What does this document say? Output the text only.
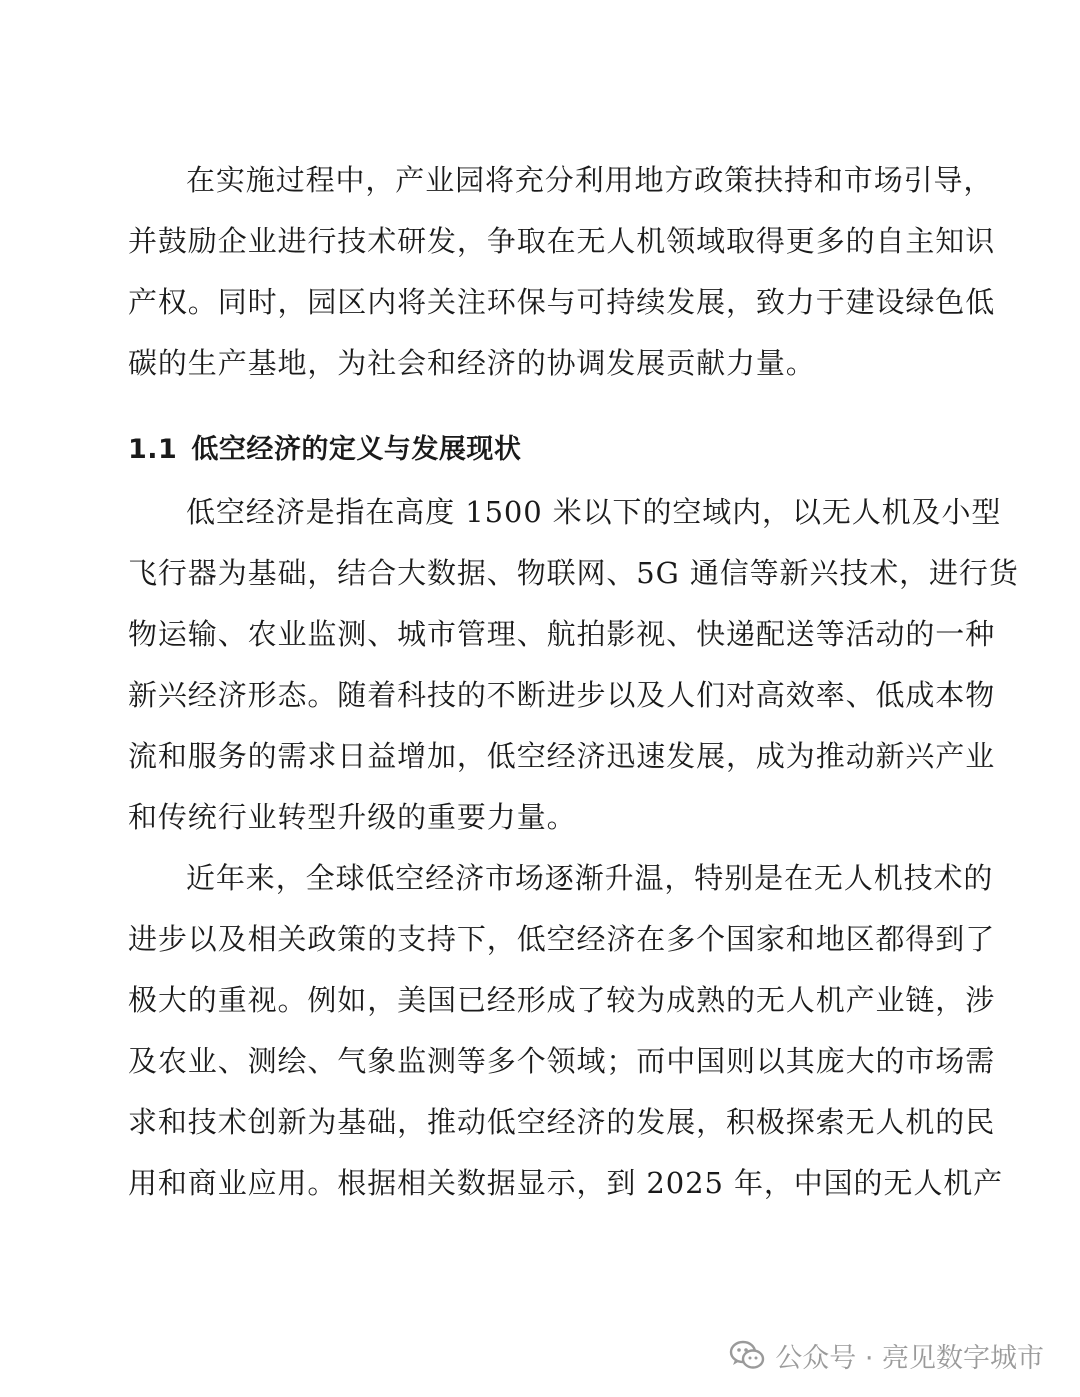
在实施过程中，产业园将充分利用地方政策扶持和市场引导，
并鼓励企业进行技术研发，争取在无人机领域取得更多的自主知识
产权。同时，园区内将关注环保与可持续发展，致力于建设绿色低
碳的生产基地，为社会和经济的协调发展贡献力量。
1.1 低空经济的定义与发展现状
低空经济是指在高度 1500 米以下的空域内，以无人机及小型
飞行器为基础，结合大数据、物联网、5G 通信等新兴技术，进行货
物运输、农业监测、城市管理、航拍影视、快递配送等活动的一种
新兴经济形态。随着科技的不断进步以及人们对高效率、低成本物
流和服务的需求日益增加，低空经济迅速发展，成为推动新兴产业
和传统行业转型升级的重要力量。
近年来，全球低空经济市场逐渐升温，特别是在无人机技术的
进步以及相关政策的支持下，低空经济在多个国家和地区都得到了
极大的重视。例如，美国已经形成了较为成熟的无人机产业链，涉
及农业、测绘、气象监测等多个领域；而中国则以其庞大的市场需
求和技术创新为基础，推动低空经济的发展，积极探索无人机的民
用和商业应用。根据相关数据显示，到 2025 年，中国的无人机产
公众号 · 亮见数字城市
